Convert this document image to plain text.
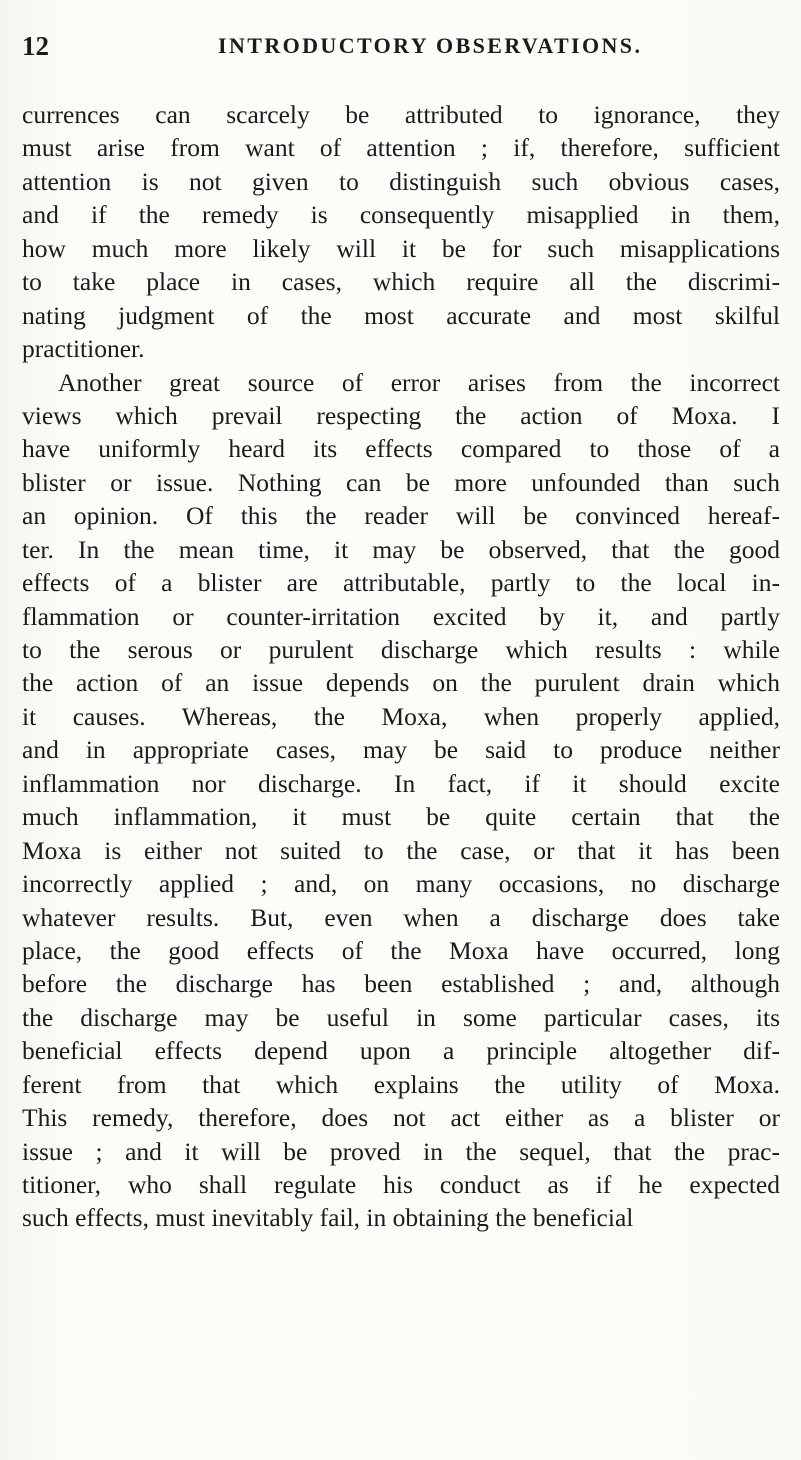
12	INTRODUCTORY OBSERVATIONS.
currences can scarcely be attributed to ignorance, they
must arise from want of attention ; if, therefore, sufficient
attention is not given to distinguish such obvious cases,
and if the remedy is consequently misapplied in them,
how much more likely will it be for such misapplications
to take place in cases, which require all the discrimi-
nating judgment of the most accurate and most skilful
practitioner.
Another great source of error arises from the incorrect
views which prevail respecting the action of Moxa. I
have uniformly heard its effects compared to those of a
blister or issue. Nothing can be more unfounded than such
an opinion. Of this the reader will be convinced hereaf-
ter. In the mean time, it may be observed, that the good
effects of a blister are attributable, partly to the local in-
flammation or counter-irritation excited by it, and partly
to the serous or purulent discharge which results : while
the action of an issue depends on the purulent drain which
it causes. Whereas, the Moxa, when properly applied,
and in appropriate cases, may be said to produce neither
inflammation nor discharge. In fact, if it should excite
much inflammation, it must be quite certain that the
Moxa is either not suited to the case, or that it has been
incorrectly applied ; and, on many occasions, no discharge
whatever results. But, even when a discharge does take
place, the good effects of the Moxa have occurred, long
before the discharge has been established ; and, although
the discharge may be useful in some particular cases, its
beneficial effects depend upon a principle altogether dif-
ferent from that which explains the utility of Moxa.
This remedy, therefore, does not act either as a blister or
issue ; and it will be proved in the sequel, that the prac-
titioner, who shall regulate his conduct as if he expected
such effects, must inevitably fail, in obtaining the beneficial
